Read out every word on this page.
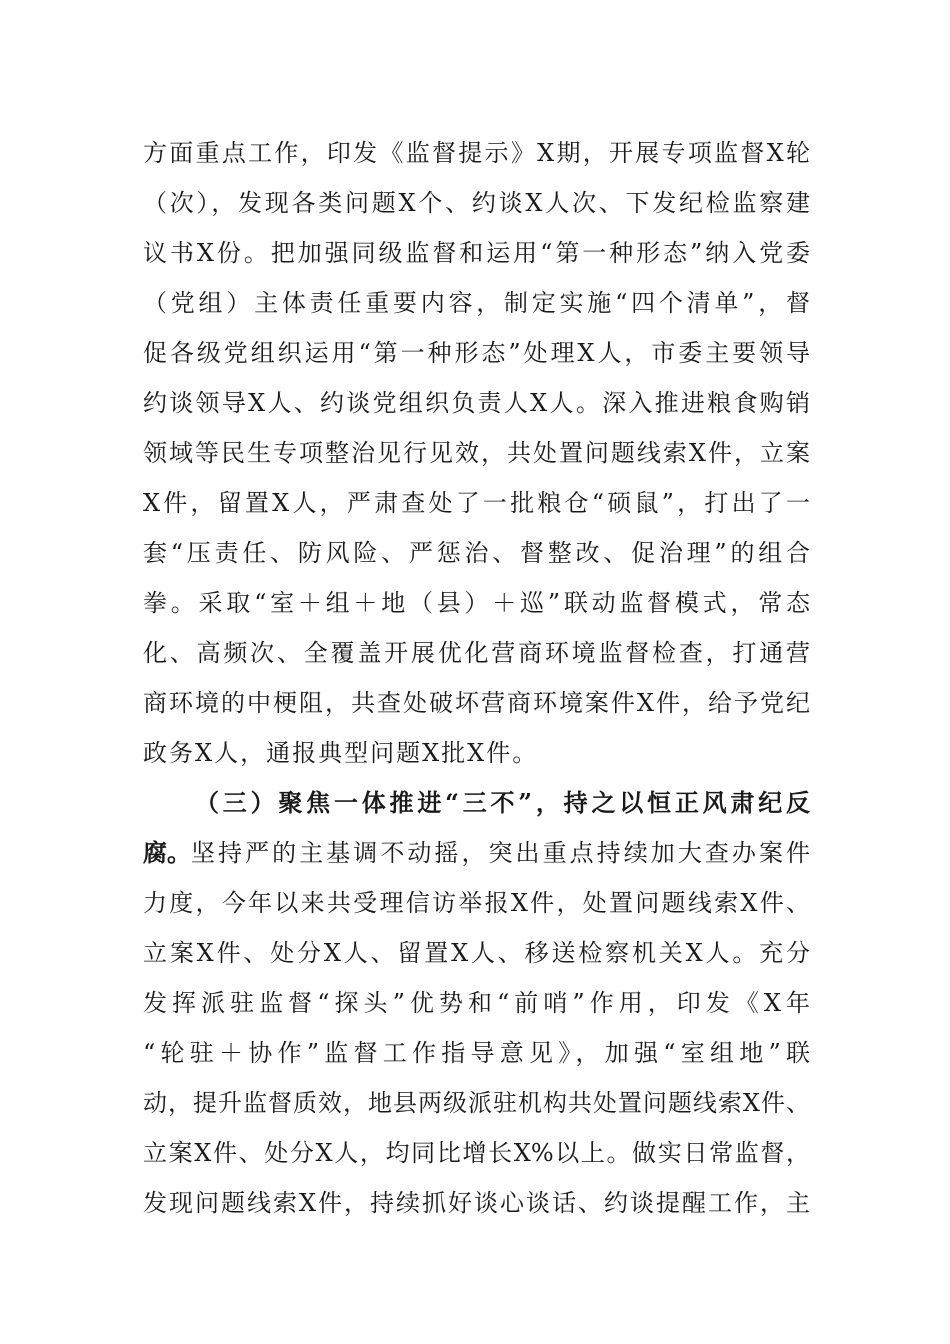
方面重点工作，印发《监督提示》X期，开展专项监督X轮
（次），发现各类问题X个、约谈X人次、下发纪检监察建
议书X份。把加强同级监督和运用“第一种形态”纳入党委
（党组）主体责任重要内容，制定实施“四个清单”，督
促各级党组织运用“第一种形态”处理X人，市委主要领导
约谈领导X人、约谈党组织负责人X人。深入推进粮食购销
领域等民生专项整治见行见效，共处置问题线索X件，立案
X件，留置X人，严肃查处了一批粮仓“硕鼠”，打出了一
套“压责任、防风险、严惩治、督整改、促治理”的组合
拳。采取“室＋组＋地（县）＋巡”联动监督模式，常态
化、高频次、全覆盖开展优化营商环境监督检查，打通营
商环境的中梗阻，共查处破坏营商环境案件X件，给予党纪
政务X人，通报典型问题X批X件。
（三）聚焦一体推进“三不”，持之以恒正风肃纪反
腐。 坚持严的主基调不动摇，突出重点持续加大查办案件
力度，今年以来共受理信访举报X件，处置问题线索X件、
立案X件、处分X人、留置X人、移送检察机关X人。充分
发挥派驻监督“探头”优势和“前哨”作用，印发《X年
“轮驻＋协作”监督工作指导意见》，加强“室组地”联
动，提升监督质效，地县两级派驻机构共处置问题线索X件、
立案X件、处分X人，均同比增长X%以上。做实日常监督，
发现问题线索X件，持续抓好谈心谈话、约谈提醒工作，主
